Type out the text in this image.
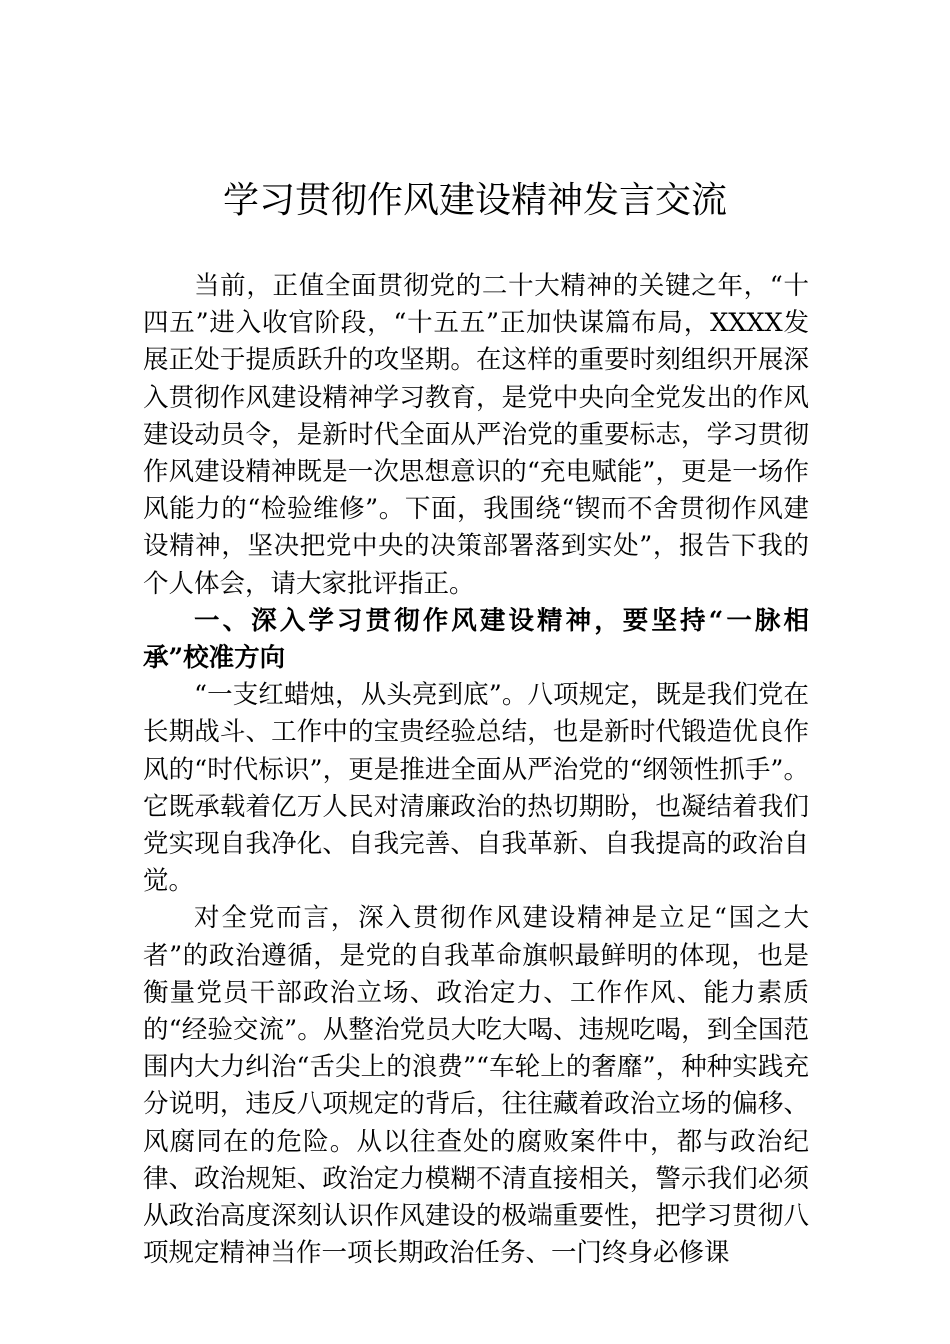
学习贯彻作风建设精神发言交流

当前，正值全面贯彻党的二十大精神的关键之年，“十四五”进入收官阶段，“十五五”正加快谋篇布局，XXXX发展正处于提质跃升的攻坚期。在这样的重要时刻组织开展深入贯彻作风建设精神学习教育，是党中央向全党发出的作风建设动员令，是新时代全面从严治党的重要标志，学习贯彻作风建设精神既是一次思想意识的“充电赋能”，更是一场作风能力的“检验维修”。下面，我围绕“锲而不舍贯彻作风建设精神，坚决把党中央的决策部署落到实处”，报告下我的个人体会，请大家批评指正。

一、深入学习贯彻作风建设精神，要坚持“一脉相承”校准方向

“一支红蜡烛，从头亮到底”。八项规定，既是我们党在长期战斗、工作中的宝贵经验总结，也是新时代锻造优良作风的“时代标识”，更是推进全面从严治党的“纲领性抓手”。它既承载着亿万人民对清廉政治的热切期盼，也凝结着我们党实现自我净化、自我完善、自我革新、自我提高的政治自觉。

对全党而言，深入贯彻作风建设精神是立足“国之大者”的政治遵循，是党的自我革命旗帜最鲜明的体现，也是衡量党员干部政治立场、政治定力、工作作风、能力素质的“经验交流”。从整治党员大吃大喝、违规吃喝，到全国范围内大力纠治“舌尖上的浪费”“车轮上的奢靡”，种种实践充分说明，违反八项规定的背后，往往藏着政治立场的偏移、风腐同在的危险。从以往查处的腐败案件中，都与政治纪律、政治规矩、政治定力模糊不清直接相关，警示我们必须从政治高度深刻认识作风建设的极端重要性，把学习贯彻八项规定精神当作一项长期政治任务、一门终身必修课
